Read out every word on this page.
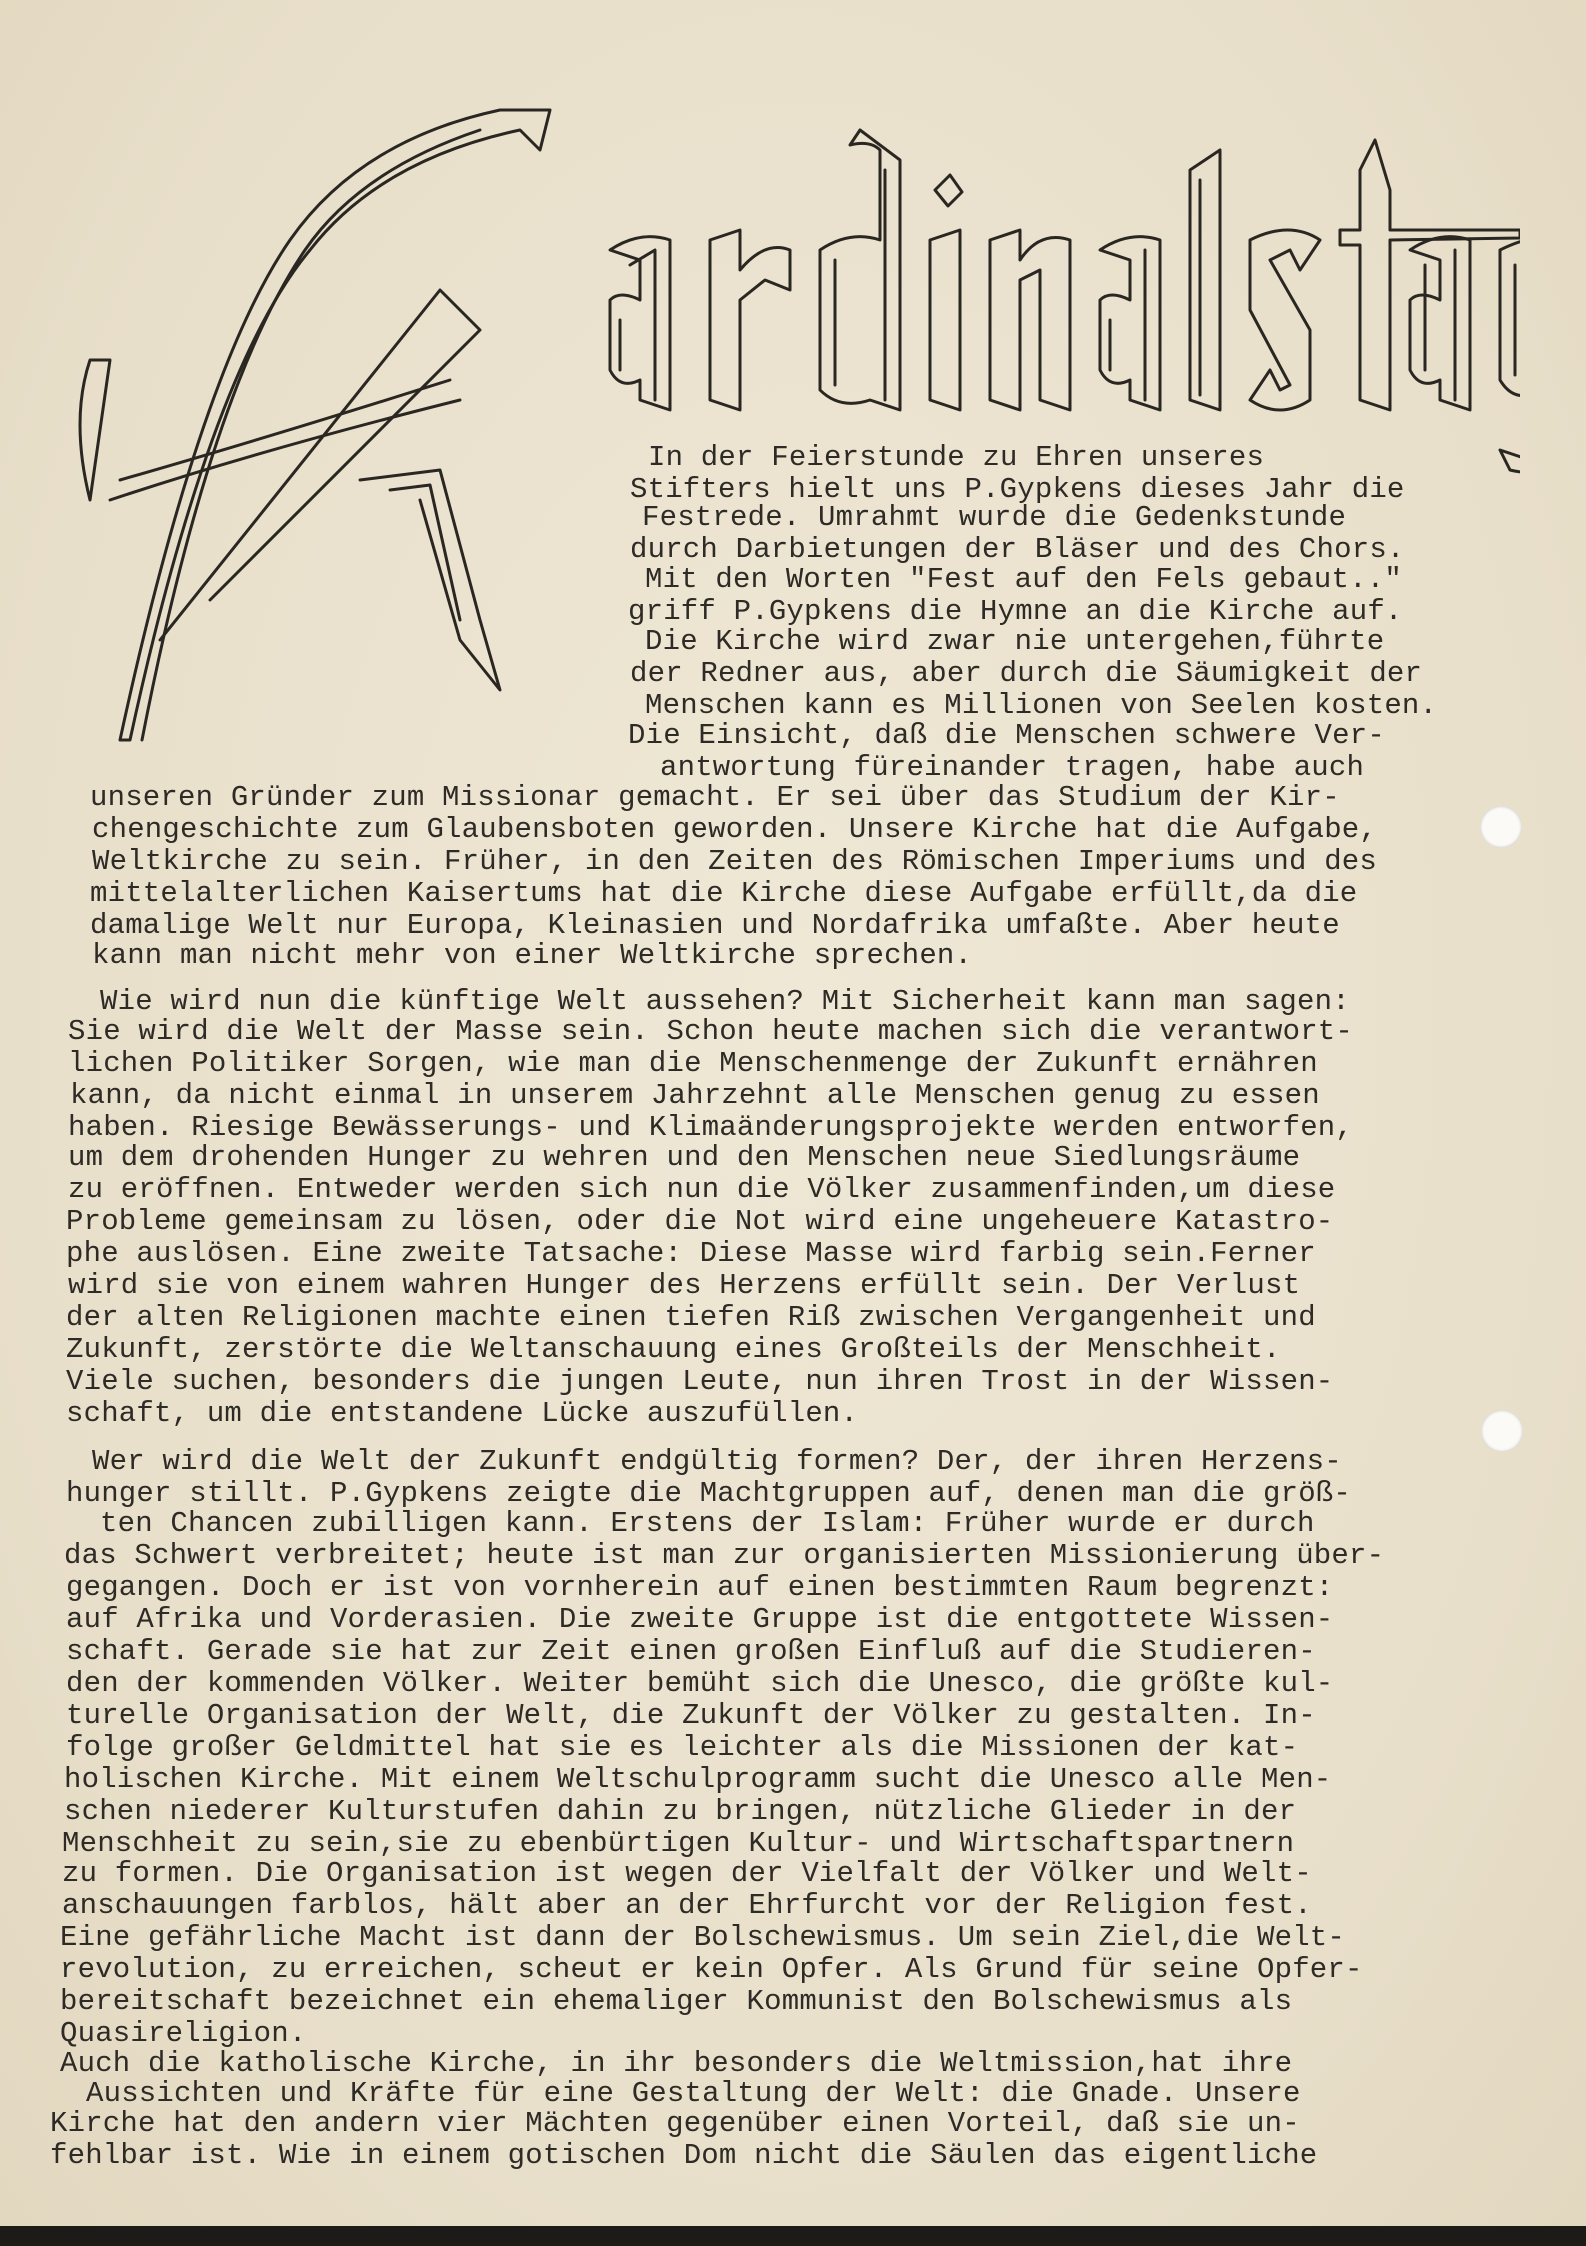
In der Feierstunde zu Ehren unseres
Stifters hielt uns P.Gypkens dieses Jahr die
Festrede. Umrahmt wurde die Gedenkstunde
durch Darbietungen der Bläser und des Chors.
Mit den Worten "Fest auf den Fels gebaut.."
griff P.Gypkens die Hymne an die Kirche auf.
Die Kirche wird zwar nie untergehen,führte
der Redner aus, aber durch die Säumigkeit der
Menschen kann es Millionen von Seelen kosten.
Die Einsicht, daß die Menschen schwere Ver-
antwortung füreinander tragen, habe auch
unseren Gründer zum Missionar gemacht. Er sei über das Studium der Kir-
chengeschichte zum Glaubensboten geworden. Unsere Kirche hat die Aufgabe,
Weltkirche zu sein. Früher, in den Zeiten des Römischen Imperiums und des
mittelalterlichen Kaisertums hat die Kirche diese Aufgabe erfüllt,da die
damalige Welt nur Europa, Kleinasien und Nordafrika umfaßte. Aber heute
kann man nicht mehr von einer Weltkirche sprechen.
Wie wird nun die künftige Welt aussehen? Mit Sicherheit kann man sagen:
Sie wird die Welt der Masse sein. Schon heute machen sich die verantwort-
lichen Politiker Sorgen, wie man die Menschenmenge der Zukunft ernähren
kann, da nicht einmal in unserem Jahrzehnt alle Menschen genug zu essen
haben. Riesige Bewässerungs- und Klimaänderungsprojekte werden entworfen,
um dem drohenden Hunger zu wehren und den Menschen neue Siedlungsräume
zu eröffnen. Entweder werden sich nun die Völker zusammenfinden,um diese
Probleme gemeinsam zu lösen, oder die Not wird eine ungeheuere Katastro-
phe auslösen. Eine zweite Tatsache: Diese Masse wird farbig sein.Ferner
wird sie von einem wahren Hunger des Herzens erfüllt sein. Der Verlust
der alten Religionen machte einen tiefen Riß zwischen Vergangenheit und
Zukunft, zerstörte die Weltanschauung eines Großteils der Menschheit.
Viele suchen, besonders die jungen Leute, nun ihren Trost in der Wissen-
schaft, um die entstandene Lücke auszufüllen.
Wer wird die Welt der Zukunft endgültig formen? Der, der ihren Herzens-
hunger stillt. P.Gypkens zeigte die Machtgruppen auf, denen man die größ-
ten Chancen zubilligen kann. Erstens der Islam: Früher wurde er durch
das Schwert verbreitet; heute ist man zur organisierten Missionierung über-
gegangen. Doch er ist von vornherein auf einen bestimmten Raum begrenzt:
auf Afrika und Vorderasien. Die zweite Gruppe ist die entgottete Wissen-
schaft. Gerade sie hat zur Zeit einen großen Einfluß auf die Studieren-
den der kommenden Völker. Weiter bemüht sich die Unesco, die größte kul-
turelle Organisation der Welt, die Zukunft der Völker zu gestalten. In-
folge großer Geldmittel hat sie es leichter als die Missionen der kat-
holischen Kirche. Mit einem Weltschulprogramm sucht die Unesco alle Men-
schen niederer Kulturstufen dahin zu bringen, nützliche Glieder in der
Menschheit zu sein,sie zu ebenbürtigen Kultur- und Wirtschaftspartnern
zu formen. Die Organisation ist wegen der Vielfalt der Völker und Welt-
anschauungen farblos, hält aber an der Ehrfurcht vor der Religion fest.
Eine gefährliche Macht ist dann der Bolschewismus. Um sein Ziel,die Welt-
revolution, zu erreichen, scheut er kein Opfer. Als Grund für seine Opfer-
bereitschaft bezeichnet ein ehemaliger Kommunist den Bolschewismus als
Quasireligion.
Auch die katholische Kirche, in ihr besonders die Weltmission,hat ihre
Aussichten und Kräfte für eine Gestaltung der Welt: die Gnade. Unsere
Kirche hat den andern vier Mächten gegenüber einen Vorteil, daß sie un-
fehlbar ist. Wie in einem gotischen Dom nicht die Säulen das eigentliche
